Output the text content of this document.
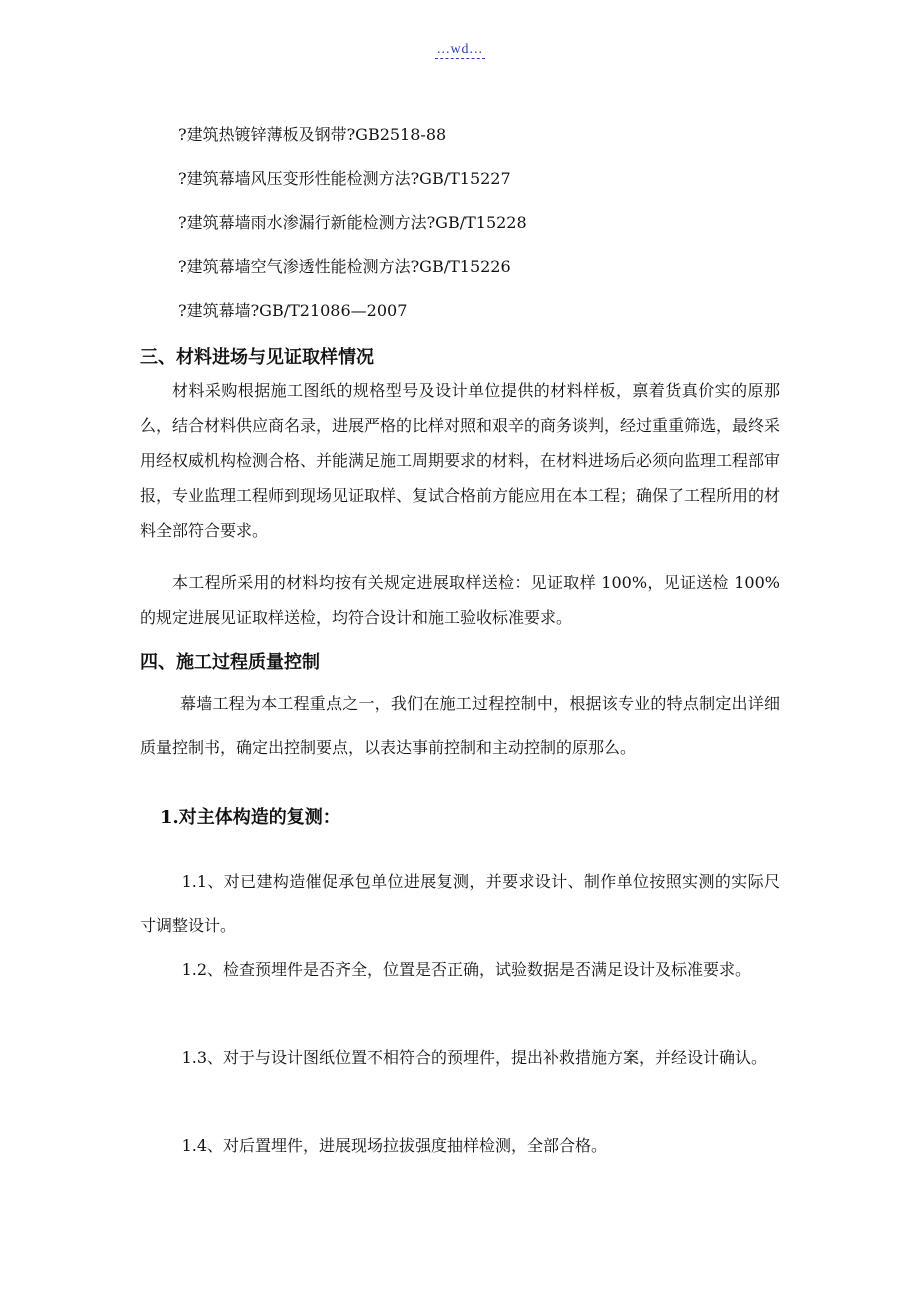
...wd...
?建筑热镀锌薄板及钢带?GB2518-88
?建筑幕墙风压变形性能检测方法?GB/T15227
?建筑幕墙雨水渗漏行新能检测方法?GB/T15228
?建筑幕墙空气渗透性能检测方法?GB/T15226
?建筑幕墙?GB/T21086—2007
三、材料进场与见证取样情况
材料采购根据施工图纸的规格型号及设计单位提供的材料样板，禀着货真价实的原那么，结合材料供应商名录，进展严格的比样对照和艰辛的商务谈判，经过重重筛选，最终采用经权威机构检测合格、并能满足施工周期要求的材料，在材料进场后必须向监理工程部审报，专业监理工程师到现场见证取样、复试合格前方能应用在本工程；确保了工程所用的材料全部符合要求。
本工程所采用的材料均按有关规定进展取样送检：见证取样 100%，见证送检 100%的规定进展见证取样送检，均符合设计和施工验收标准要求。
四、施工过程质量控制
幕墙工程为本工程重点之一，我们在施工过程控制中，根据该专业的特点制定出详细质量控制书，确定出控制要点，以表达事前控制和主动控制的原那么。
1.对主体构造的复测：
1.1、对已建构造催促承包单位进展复测，并要求设计、制作单位按照实测的实际尺寸调整设计。
1.2、检查预埋件是否齐全，位置是否正确，试验数据是否满足设计及标准要求。
1.3、对于与设计图纸位置不相符合的预埋件，提出补救措施方案，并经设计确认。
1.4、对后置埋件，进展现场拉拔强度抽样检测，全部合格。
